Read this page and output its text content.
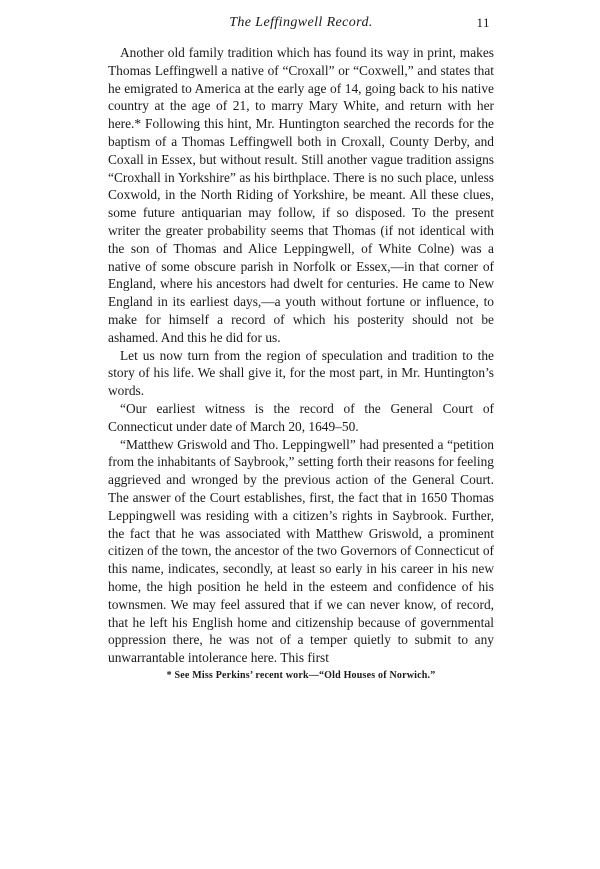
The Leffingwell Record.	11

Another old family tradition which has found its way in print, makes Thomas Leffingwell a native of “Croxall” or “Coxwell,” and states that he emigrated to America at the early age of 14, going back to his native country at the age of 21, to marry Mary White, and return with her here.* Following this hint, Mr. Huntington searched the records for the baptism of a Thomas Leffingwell both in Croxall, County Derby, and Coxall in Essex, but without result. Still another vague tradition assigns “Croxhall in Yorkshire” as his birthplace. There is no such place, unless Coxwold, in the North Riding of Yorkshire, be meant. All these clues, some future antiquarian may follow, if so disposed. To the present writer the greater probability seems that Thomas (if not identical with the son of Thomas and Alice Leppingwell, of White Colne) was a native of some obscure parish in Norfolk or Essex,—in that corner of England, where his ancestors had dwelt for centuries. He came to New England in its earliest days,—a youth without fortune or influence, to make for himself a record of which his posterity should not be ashamed. And this he did for us.

Let us now turn from the region of speculation and tradition to the story of his life. We shall give it, for the most part, in Mr. Huntington’s words.

“Our earliest witness is the record of the General Court of Connecticut under date of March 20, 1649–50.

“Matthew Griswold and Tho. Leppingwell” had presented a “petition from the inhabitants of Saybrook,” setting forth their reasons for feeling aggrieved and wronged by the previous action of the General Court. The answer of the Court establishes, first, the fact that in 1650 Thomas Leppingwell was residing with a citizen’s rights in Saybrook. Further, the fact that he was associated with Matthew Griswold, a prominent citizen of the town, the ancestor of the two Governors of Connecticut of this name, indicates, secondly, at least so early in his career in his new home, the high position he held in the esteem and confidence of his townsmen. We may feel assured that if we can never know, of record, that he left his English home and citizenship because of governmental oppression there, he was not of a temper quietly to submit to any unwarrantable intolerance here. This first

* See Miss Perkins’ recent work—“Old Houses of Norwich.”
